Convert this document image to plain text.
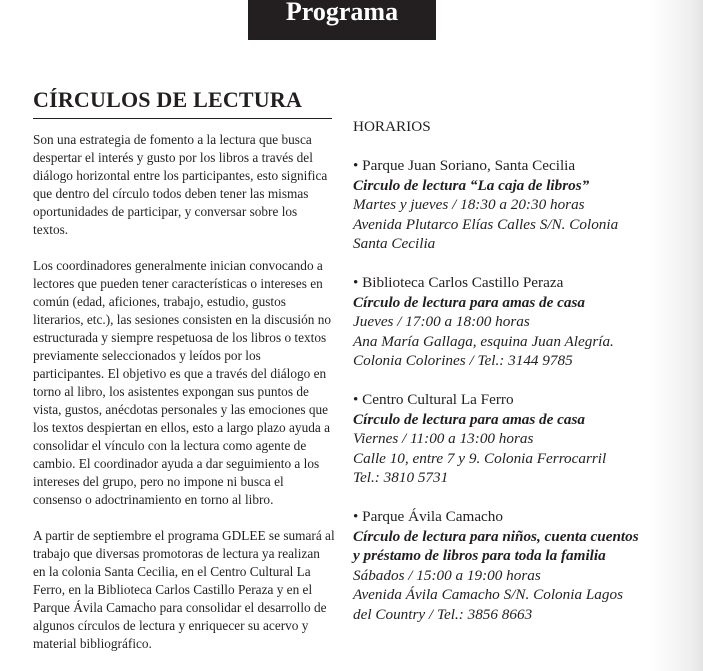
Programa
CÍRCULOS DE LECTURA

Son una estrategia de fomento a la lectura que busca despertar el interés y gusto por los libros a través del diálogo horizontal entre los participantes, esto significa que dentro del círculo todos deben tener las mismas oportunidades de participar, y conversar sobre los textos.

Los coordinadores generalmente inician convocando a lectores que pueden tener características o intereses en común (edad, aficiones, trabajo, estudio, gustos literarios, etc.), las sesiones consisten en la discusión no estructurada y siempre respetuosa de los libros o textos previamente seleccionados y leídos por los participantes. El objetivo es que a través del diálogo en torno al libro, los asistentes expongan sus puntos de vista, gustos, anécdotas personales y las emociones que los textos despiertan en ellos, esto a largo plazo ayuda a consolidar el vínculo con la lectura como agente de cambio. El coordinador ayuda a dar seguimiento a los intereses del grupo, pero no impone ni busca el consenso o adoctrinamiento en torno al libro.

A partir de septiembre el programa GDLEE se sumará al trabajo que diversas promotoras de lectura ya realizan en la colonia Santa Cecilia, en el Centro Cultural La Ferro, en la Biblioteca Carlos Castillo Peraza y en el Parque Ávila Camacho para consolidar el desarrollo de algunos círculos de lectura y enriquecer su acervo y material bibliográfico.

HORARIOS
• Parque Juan Soriano, Santa Cecilia
Circulo de lectura “La caja de libros”
Martes y jueves / 18:30 a 20:30 horas
Avenida Plutarco Elías Calles S/N. Colonia
Santa Cecilia
• Biblioteca Carlos Castillo Peraza
Círculo de lectura para amas de casa
Jueves / 17:00 a 18:00 horas
Ana María Gallaga, esquina Juan Alegría.
Colonia Colorines / Tel.: 3144 9785
• Centro Cultural La Ferro
Círculo de lectura para amas de casa
Viernes / 11:00 a 13:00 horas
Calle 10, entre 7 y 9. Colonia Ferrocarril
Tel.: 3810 5731
• Parque Ávila Camacho
Círculo de lectura para niños, cuenta cuentos
y préstamo de libros para toda la familia
Sábados / 15:00 a 19:00 horas
Avenida Ávila Camacho S/N. Colonia Lagos
del Country / Tel.: 3856 8663
